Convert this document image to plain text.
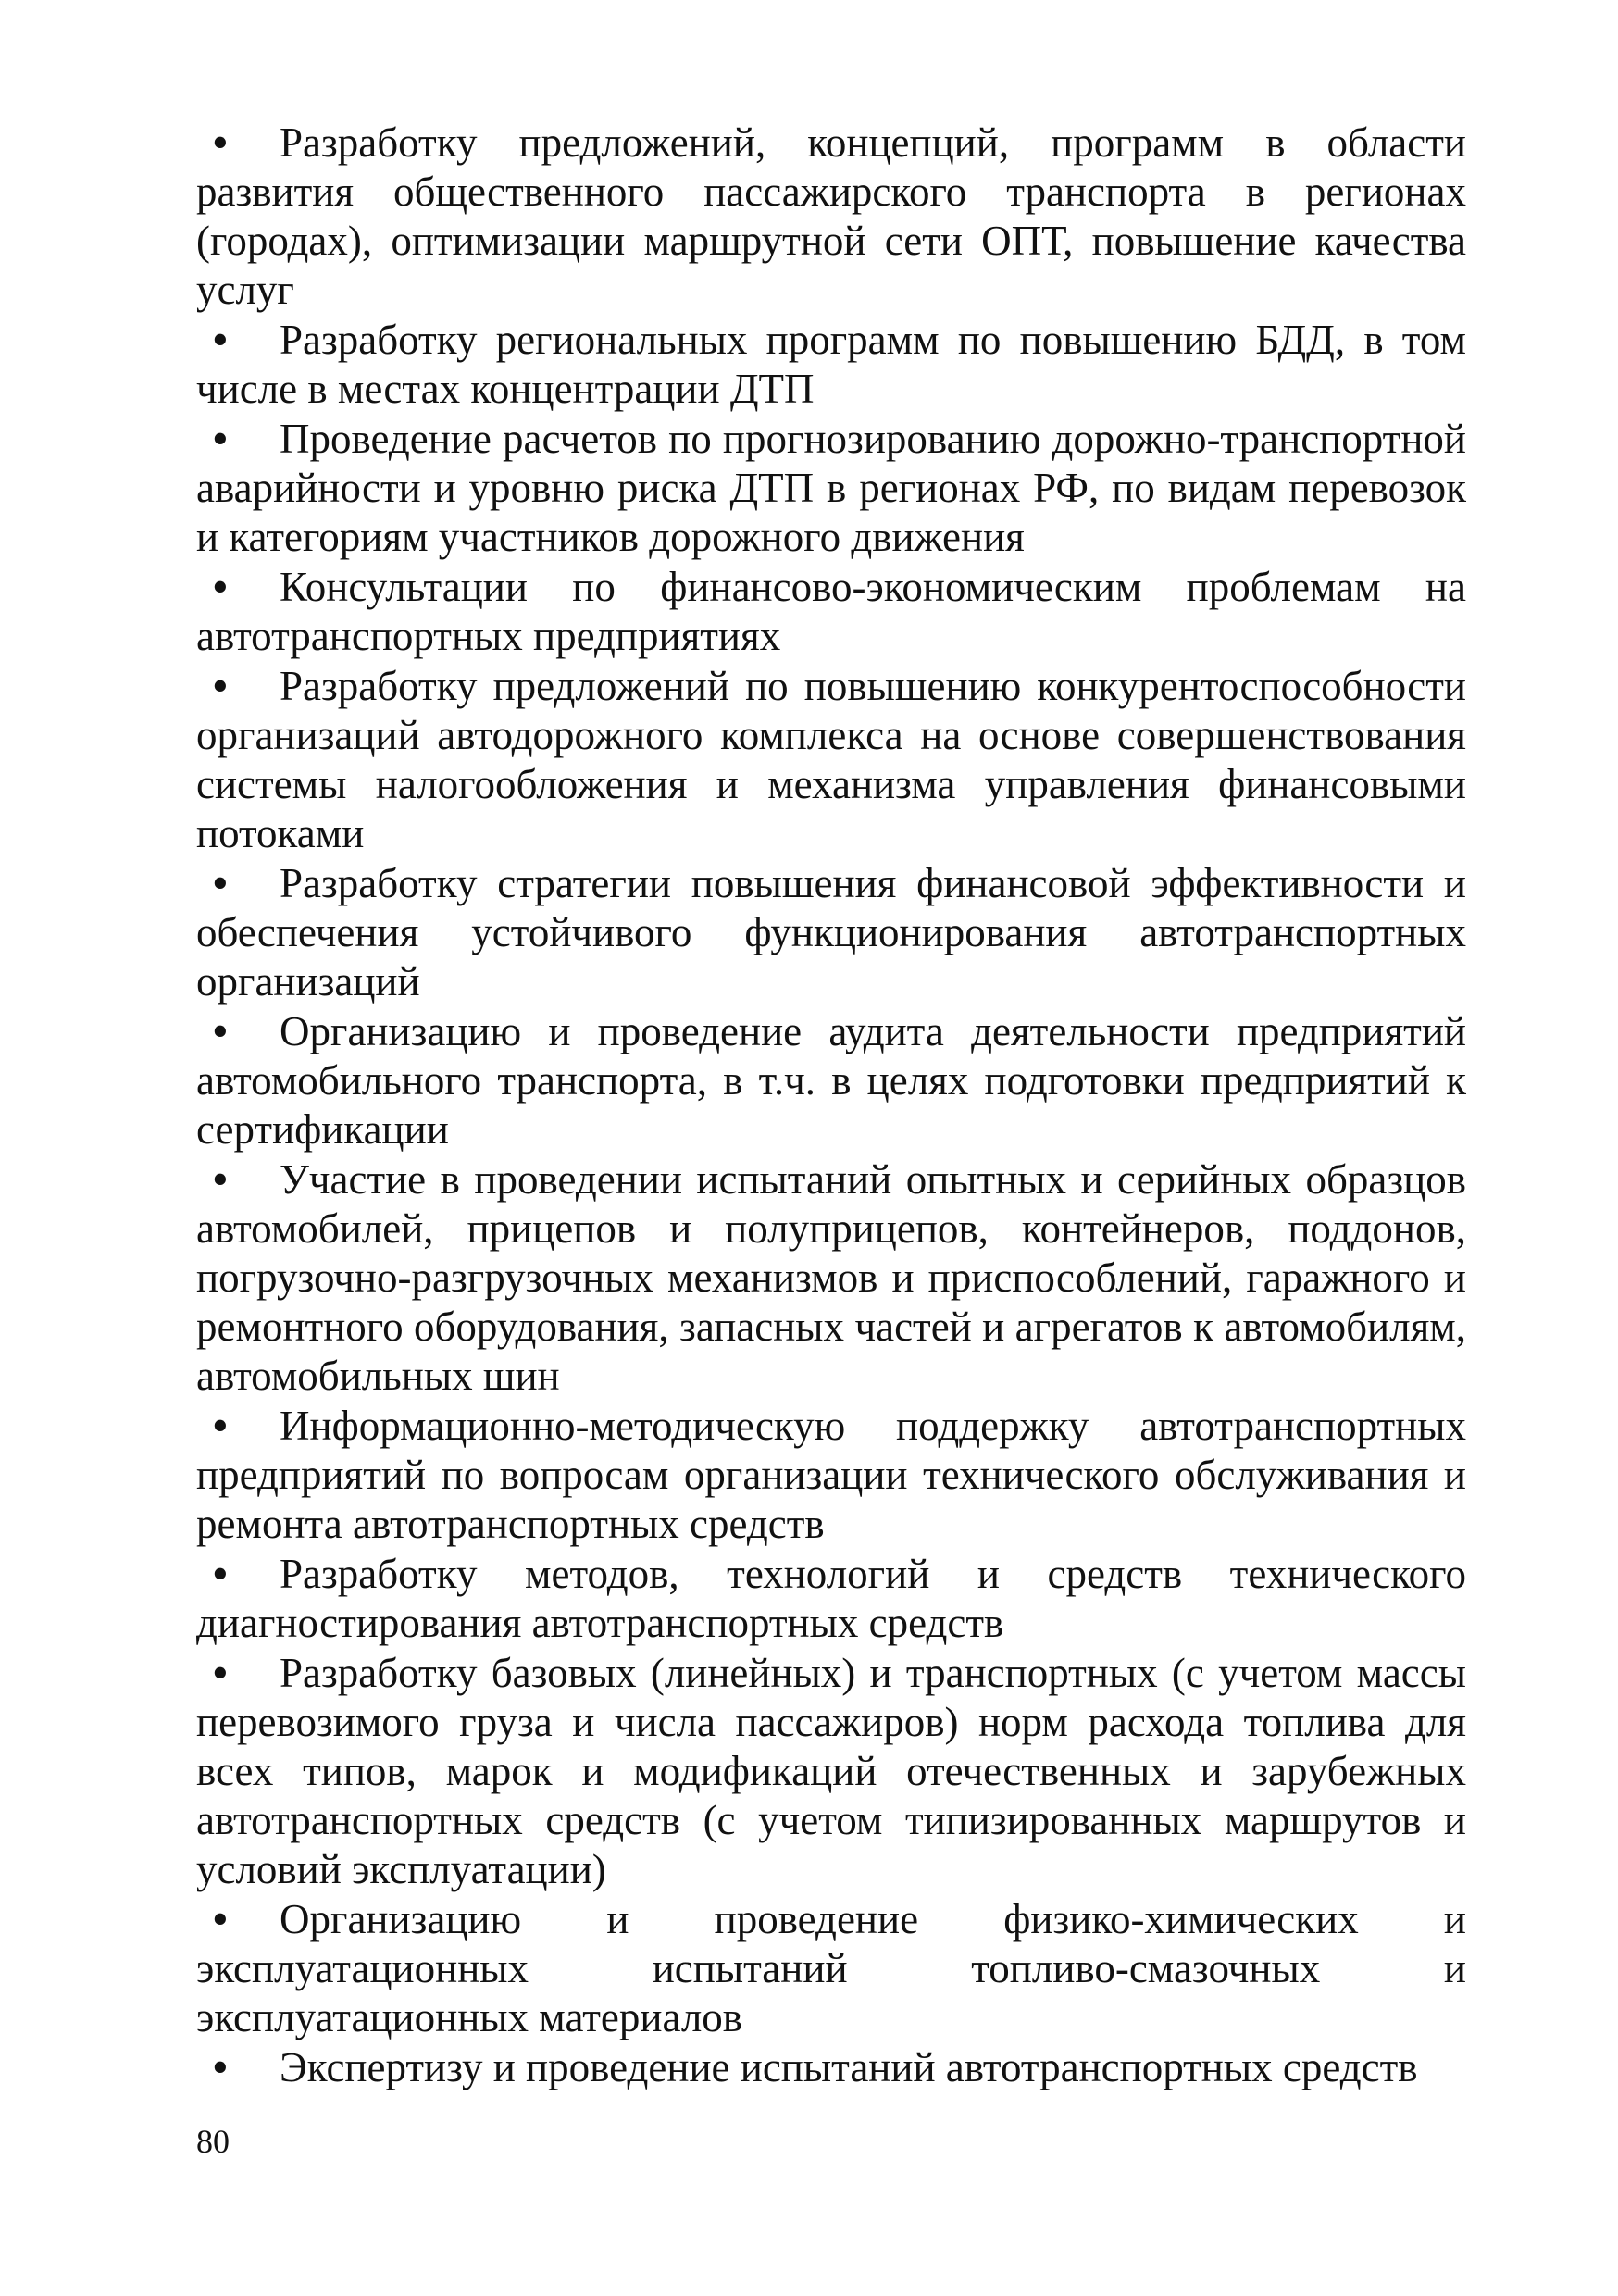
• Разработку предложений, концепций, программ в области развития общественного пассажирского транспорта в регионах (городах), оптимизации маршрутной сети ОПТ, повышение качества услуг

• Разработку региональных программ по повышению БДД, в том числе в местах концентрации ДТП

• Проведение расчетов по прогнозированию дорожно-транспортной аварийности и уровню риска ДТП в регионах РФ, по видам перевозок и категориям участников дорожного движения

• Консультации по финансово-экономическим проблемам на автотранспортных предприятиях

• Разработку предложений по повышению конкурентоспособности организаций автодорожного комплекса на основе совершенствования системы налогообложения и механизма управления финансовыми потоками

• Разработку стратегии повышения финансовой эффективности и обеспечения устойчивого функционирования автотранспортных организаций

• Организацию и проведение аудита деятельности предприятий автомобильного транспорта, в т.ч. в целях подготовки предприятий к сертификации

• Участие в проведении испытаний опытных и серийных образцов автомобилей, прицепов и полуприцепов, контейнеров, поддонов, погрузочно-разгрузочных механизмов и приспособлений, гаражного и ремонтного оборудования, запасных частей и агрегатов к автомобилям, автомобильных шин

• Информационно-методическую поддержку автотранспортных предприятий по вопросам организации технического обслуживания и ремонта автотранспортных средств

• Разработку методов, технологий и средств технического диагностирования автотранспортных средств

• Разработку базовых (линейных) и транспортных (с учетом массы перевозимого груза и числа пассажиров) норм расхода топлива для всех типов, марок и модификаций отечественных и зарубежных автотранспортных средств (с учетом типизированных маршрутов и условий эксплуатации)

• Организацию и проведение физико-химических и эксплуатационных испытаний топливо-смазочных и эксплуатационных материалов

• Экспертизу и проведение испытаний автотранспортных средств

80
